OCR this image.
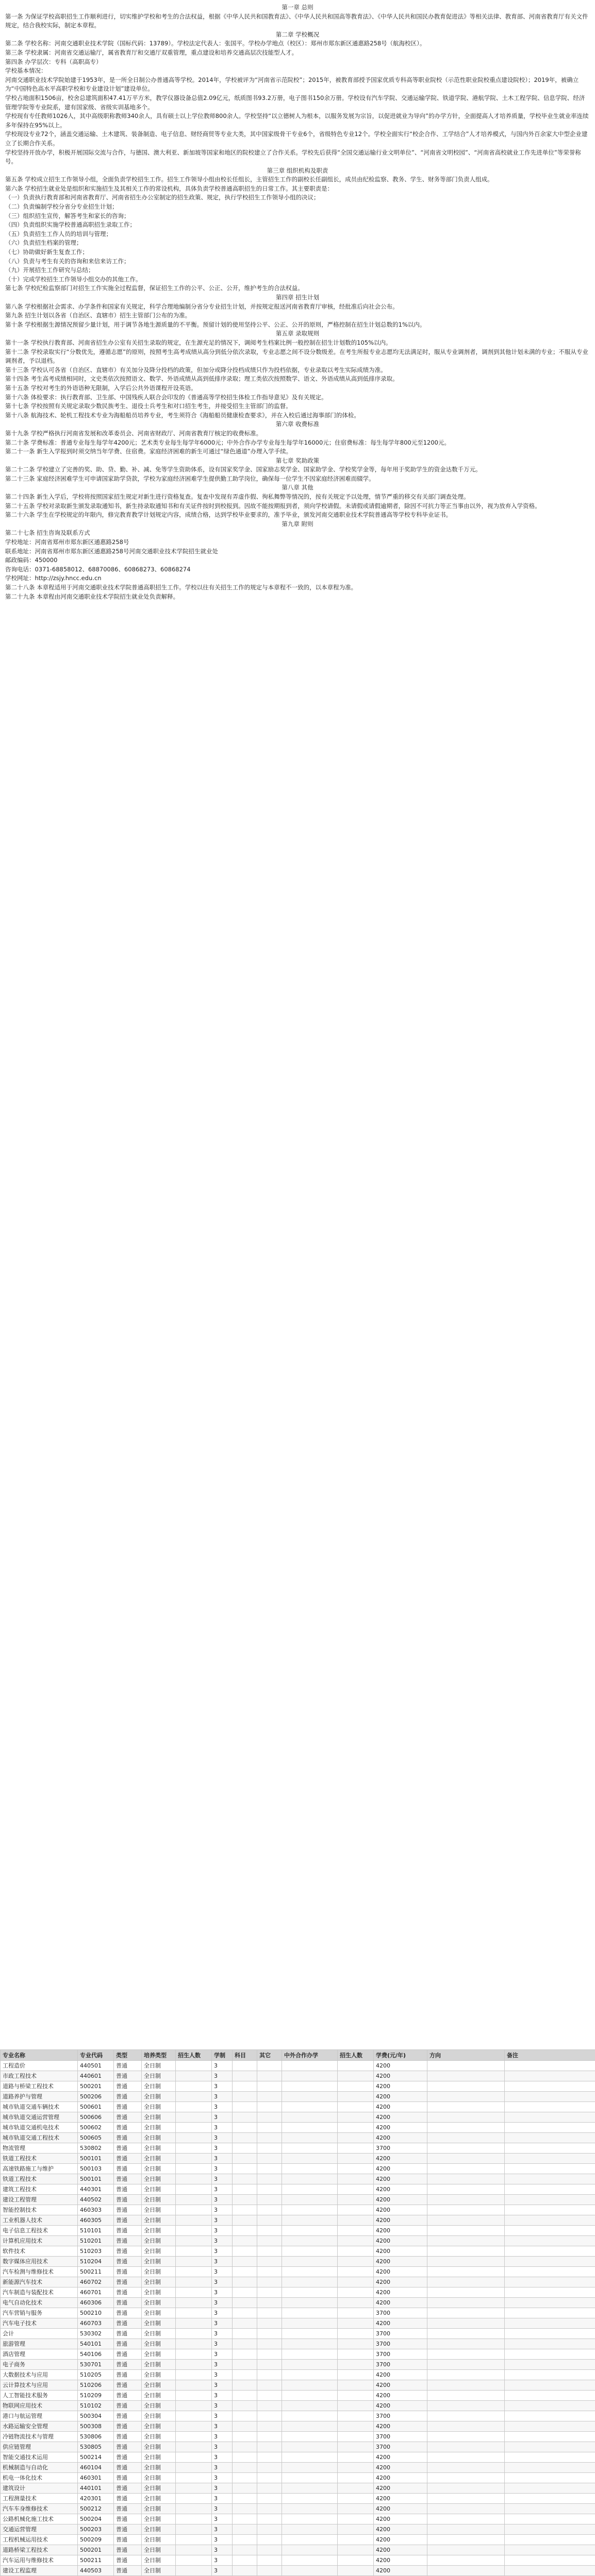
第一章 总则

第一条 为保证学校高职招生工作顺利进行，切实维护学校和考生的合法权益，根据《中华人民共和国教育法》、《中华人民共和国高等教育法》、《中华人民共和国民办教育促进法》等相关法律、教育部、河南省教育厅有关文件规定，结合我校实际，制定本章程。

第二章 学校概况

第二条 学校名称：河南交通职业技术学院（国标代码：13789）。学校法定代表人：张国平。学校办学地点（校区）：郑州市郑东新区通惠路258号（航海校区）。

第三条 学校隶属：河南省交通运输厅，属省教育厅和交通厅双重管理，重点建设和培养交通高层次技能型人才。

第四条 办学层次：专科（高职高专）

学校基本情况：

河南交通职业技术学院始建于1953年，是一所全日制公办普通高等学校。2014年，学校被评为“河南省示范院校”；2015年，被教育部授予国家优质专科高等职业院校（示范性职业院校重点建设院校）；2019年，被确立为“中国特色高水平高职学校和专业建设计划”建设单位。

学校占地面积1506亩，校舍总建筑面积47.41万平方米，教学仪器设备总值2.09亿元，纸质图书93.2万册，电子图书150余万册。学校设有汽车学院、交通运输学院、铁道学院、港航学院、土木工程学院、信息学院、经济管理学院等专业院系，建有国家级、省级实训基地多个。

学校现有专任教师1026人，其中高级职称教师340余人，具有硕士以上学位教师800余人。学校坚持“以立德树人为根本，以服务发展为宗旨，以促进就业为导向”的办学方针，全面提高人才培养质量，学校毕业生就业率连续多年保持在95%以上。

学校现设专业72个，涵盖交通运输、土木建筑、装备制造、电子信息、财经商贸等专业大类，其中国家级骨干专业6个，省级特色专业12个。学校全面实行“校企合作、工学结合”人才培养模式，与国内外百余家大中型企业建立了长期合作关系。

学校坚持开放办学，积极开展国际交流与合作，与德国、澳大利亚、新加坡等国家和地区的院校建立了合作关系。学校先后获得“全国交通运输行业文明单位”、“河南省文明校园”、“河南省高校就业工作先进单位”等荣誉称号。

第三章 组织机构及职责

第五条 学校成立招生工作领导小组，全面负责学校招生工作。招生工作领导小组由校长任组长，主管招生工作的副校长任副组长，成员由纪检监察、教务、学生、财务等部门负责人组成。

第六条 学校招生就业处是组织和实施招生及其相关工作的常设机构，具体负责学校普通高职招生的日常工作。其主要职责是：

（一）负责执行教育部和河南省教育厅、河南省招生办公室制定的招生政策、规定，执行学校招生工作领导小组的决议；

（二）负责编制学校分省分专业招生计划；

（三）组织招生宣传，解答考生和家长的咨询；

（四）负责组织实施学校普通高职招生录取工作；

（五）负责招生工作人员的培训与管理；

（六）负责招生档案的管理；

（七）协助做好新生复查工作；

（八）负责与考生有关的咨询和来信来访工作；

（九）开展招生工作研究与总结；

（十）完成学校招生工作领导小组交办的其他工作。

第七条 学校纪检监察部门对招生工作实施全过程监督，保证招生工作的公平、公正、公开，维护考生的合法权益。

第四章 招生计划

第八条 学校根据社会需求、办学条件和国家有关规定，科学合理地编制分省分专业招生计划，并按规定报送河南省教育厅审核，经批准后向社会公布。

第九条 招生计划以各省（自治区、直辖市）招生主管部门公布的为准。

第十条 学校根据生源情况预留少量计划，用于调节各地生源质量的不平衡。预留计划的使用坚持公平、公正、公开的原则，严格控制在招生计划总数的1%以内。

第五章 录取规则

第十一条 学校执行教育部、河南省招生办公室有关招生录取的规定，在生源充足的情况下，调阅考生档案比例一般控制在招生计划数的105%以内。

第十二条 学校录取实行“分数优先，遵循志愿”的原则，按照考生高考成绩从高分到低分依次录取，专业志愿之间不设分数级差。在考生所报专业志愿均无法满足时，服从专业调剂者，调剂到其他计划未满的专业；不服从专业调剂者，予以退档。

第十三条 学校认可各省（自治区、直辖市）有关加分及降分投档的政策，但加分或降分投档成绩只作为投档依据，专业录取以考生实际成绩为准。

第十四条 考生高考成绩相同时，文史类依次按照语文、数学、外语成绩从高到低排序录取；理工类依次按照数学、语文、外语成绩从高到低排序录取。

第十五条 学校对考生的外语语种无限制，入学后公共外语课程开设英语。

第十六条 体检要求：执行教育部、卫生部、中国残疾人联合会印发的《普通高等学校招生体检工作指导意见》及有关规定。

第十七条 学校按照有关规定录取少数民族考生、退役士兵考生和对口招生考生，并接受招生主管部门的监督。

第十八条 航海技术、轮机工程技术专业为海船船员培养专业，考生须符合《海船船员健康检查要求》，并在入校后通过海事部门的体检。

第六章 收费标准

第十九条 学校严格执行河南省发展和改革委员会、河南省财政厅、河南省教育厅核定的收费标准。

第二十条 学费标准：普通专业每生每学年4200元；艺术类专业每生每学年6000元；中外合作办学专业每生每学年16000元；住宿费标准：每生每学年800元至1200元。

第二十一条 新生入学报到时须交纳当年学费、住宿费。家庭经济困难的新生可通过“绿色通道”办理入学手续。

第七章 奖助政策

第二十二条 学校建立了完善的奖、助、贷、勤、补、减、免等学生资助体系，设有国家奖学金、国家励志奖学金、国家助学金、学校奖学金等，每年用于奖助学生的资金达数千万元。

第二十三条 家庭经济困难学生可申请国家助学贷款，学校为家庭经济困难学生提供勤工助学岗位，确保每一位学生不因家庭经济困难而辍学。

第八章 其他

第二十四条 新生入学后，学校将按照国家招生规定对新生进行资格复查。复查中发现有弄虚作假、徇私舞弊等情况的，按有关规定予以处理，情节严重的移交有关部门调查处理。

第二十五条 学校对录取新生颁发录取通知书，新生持录取通知书和有关证件按时到校报到。因故不能按期报到者，须向学校请假。未请假或请假逾期者，除因不可抗力等正当事由以外，视为放弃入学资格。

第二十六条 学生在学校规定的年限内，修完教育教学计划规定内容，成绩合格，达到学校毕业要求的，准予毕业，颁发河南交通职业技术学院普通高等学校专科毕业证书。

第九章 附则

第二十七条 招生咨询及联系方式

学校地址：河南省郑州市郑东新区通惠路258号

联系地址：河南省郑州市郑东新区通惠路258号河南交通职业技术学院招生就业处

邮政编码：450000

咨询电话：0371-68858012、68870086、60868273、60868274

学校网址：http://zsjy.hncc.edu.cn

第二十八条 本章程适用于河南交通职业技术学院普通高职招生工作。学校以往有关招生工作的规定与本章程不一致的，以本章程为准。

第二十九条 本章程由河南交通职业技术学院招生就业处负责解释。

专业名称	专业代码	类型	培养类型	招生人数	学制	科目	其它	中外合作办学	招生人数	学费(元/年)	方向	备注
工程造价	440501	普通	全日制		3					4200		
市政工程技术	440601	普通	全日制		3					4200		
道路与桥梁工程技术	500201	普通	全日制		3					4200		
道路养护与管理	500206	普通	全日制		3					4200		
城市轨道交通车辆技术	500601	普通	全日制		3					4200		
城市轨道交通运营管理	500606	普通	全日制		3					4200		
城市轨道交通机电技术	500602	普通	全日制		3					4200		
城市轨道交通工程技术	500605	普通	全日制		3					4200		
物流管理	530802	普通	全日制		3					3700		
铁道工程技术	500101	普通	全日制		3					4200		
高速铁路施工与维护	500103	普通	全日制		3					4200		
铁道工程技术	500101	普通	全日制		3					4200		
建筑工程技术	440301	普通	全日制		3					4200		
建设工程管理	440502	普通	全日制		3					4200		
智能控制技术	460303	普通	全日制		3					4200		
工业机器人技术	460305	普通	全日制		3					4200		
电子信息工程技术	510101	普通	全日制		3					4200		
计算机应用技术	510201	普通	全日制		3					4200		
软件技术	510203	普通	全日制		3					4200		
数字媒体应用技术	510204	普通	全日制		3					4200		
汽车检测与维修技术	500211	普通	全日制		3					4200		
新能源汽车技术	460702	普通	全日制		3					4200		
汽车制造与装配技术	460701	普通	全日制		3					4200		
电气自动化技术	460306	普通	全日制		3					4200		
汽车营销与服务	500210	普通	全日制		3					3700		
汽车电子技术	460703	普通	全日制		3					4200		
会计	530302	普通	全日制		3					3700		
旅游管理	540101	普通	全日制		3					3700		
酒店管理	540106	普通	全日制		3					3700		
电子商务	530701	普通	全日制		3					3700		
大数据技术与应用	510205	普通	全日制		3					4200		
云计算技术与应用	510206	普通	全日制		3					4200		
人工智能技术服务	510209	普通	全日制		3					4200		
物联网应用技术	510102	普通	全日制		3					4200		
港口与航运管理	500304	普通	全日制		3					3700		
水路运输安全管理	500308	普通	全日制		3					4200		
冷链物流技术与管理	530806	普通	全日制		3					3700		
供应链管理	530805	普通	全日制		3					3700		
智能交通技术运用	500214	普通	全日制		3					4200		
机械制造与自动化	460104	普通	全日制		3					4200		
机电一体化技术	460301	普通	全日制		3					4200		
建筑设计	440101	普通	全日制		3					4200		
工程测量技术	420301	普通	全日制		3					4200		
汽车车身维修技术	500212	普通	全日制		3					4200		
公路机械化施工技术	500204	普通	全日制		3					4200		
交通运营管理	500203	普通	全日制		3					4200		
工程机械运用技术	500209	普通	全日制		3					4200		
道路桥梁工程技术	500201	普通	全日制		3					4200		
汽车运用与维修技术	500211	普通	全日制		3					4200		
建设工程监理	440503	普通	全日制		3					4200		
